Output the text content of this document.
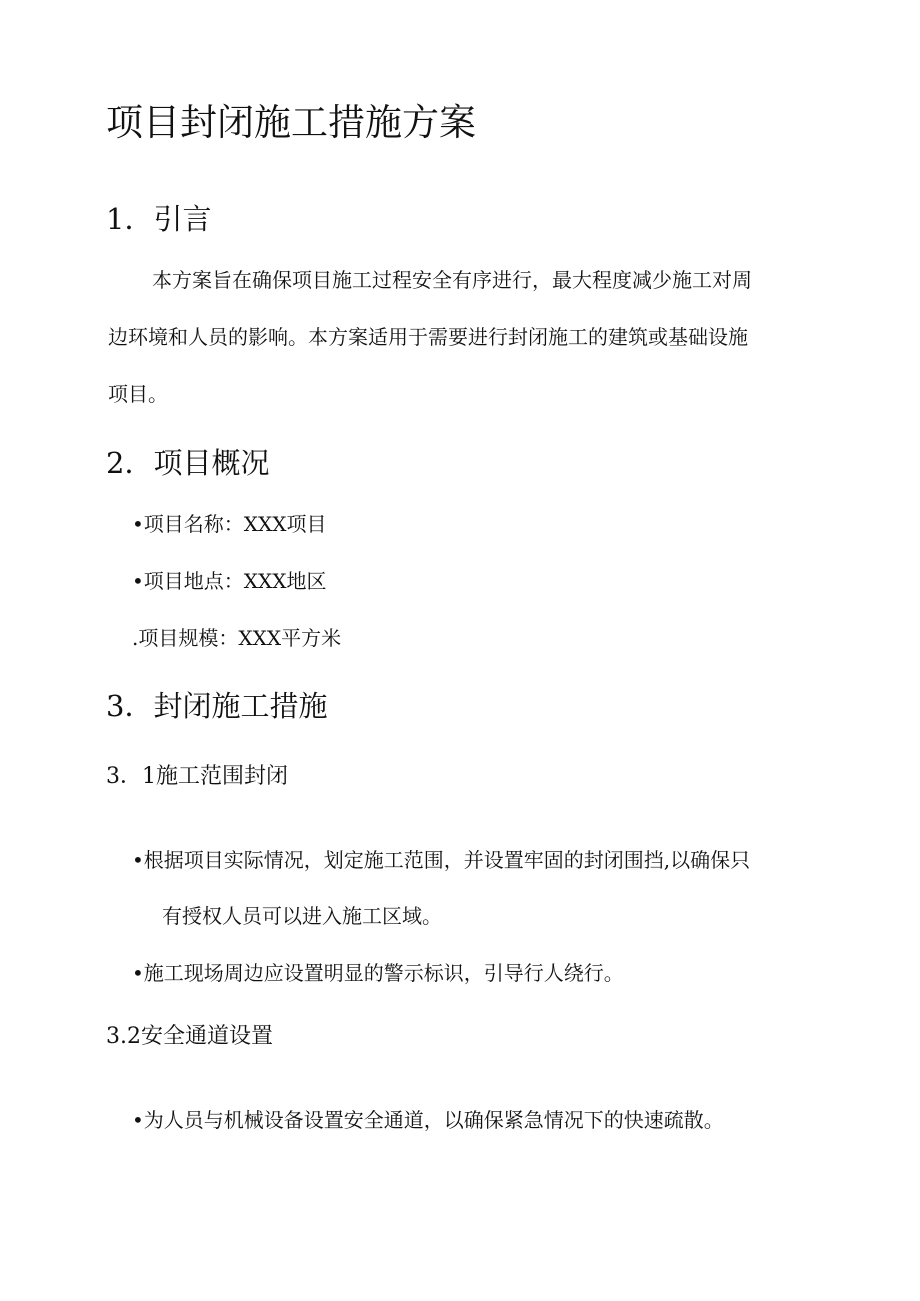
项目封闭施工措施方案
1．引言
本方案旨在确保项目施工过程安全有序进行，最大程度减少施工对周
边环境和人员的影响。本方案适用于需要进行封闭施工的建筑或基础设施
项目。
2．项目概况
•项目名称：XXX项目
•项目地点：XXX地区
.项目规模：XXX平方米
3．封闭施工措施
3．1施工范围封闭
•根据项目实际情况，划定施工范围，并设置牢固的封闭围挡,以确保只
有授权人员可以进入施工区域。
•施工现场周边应设置明显的警示标识，引导行人绕行。
3.2安全通道设置
•为人员与机械设备设置安全通道，以确保紧急情况下的快速疏散。
